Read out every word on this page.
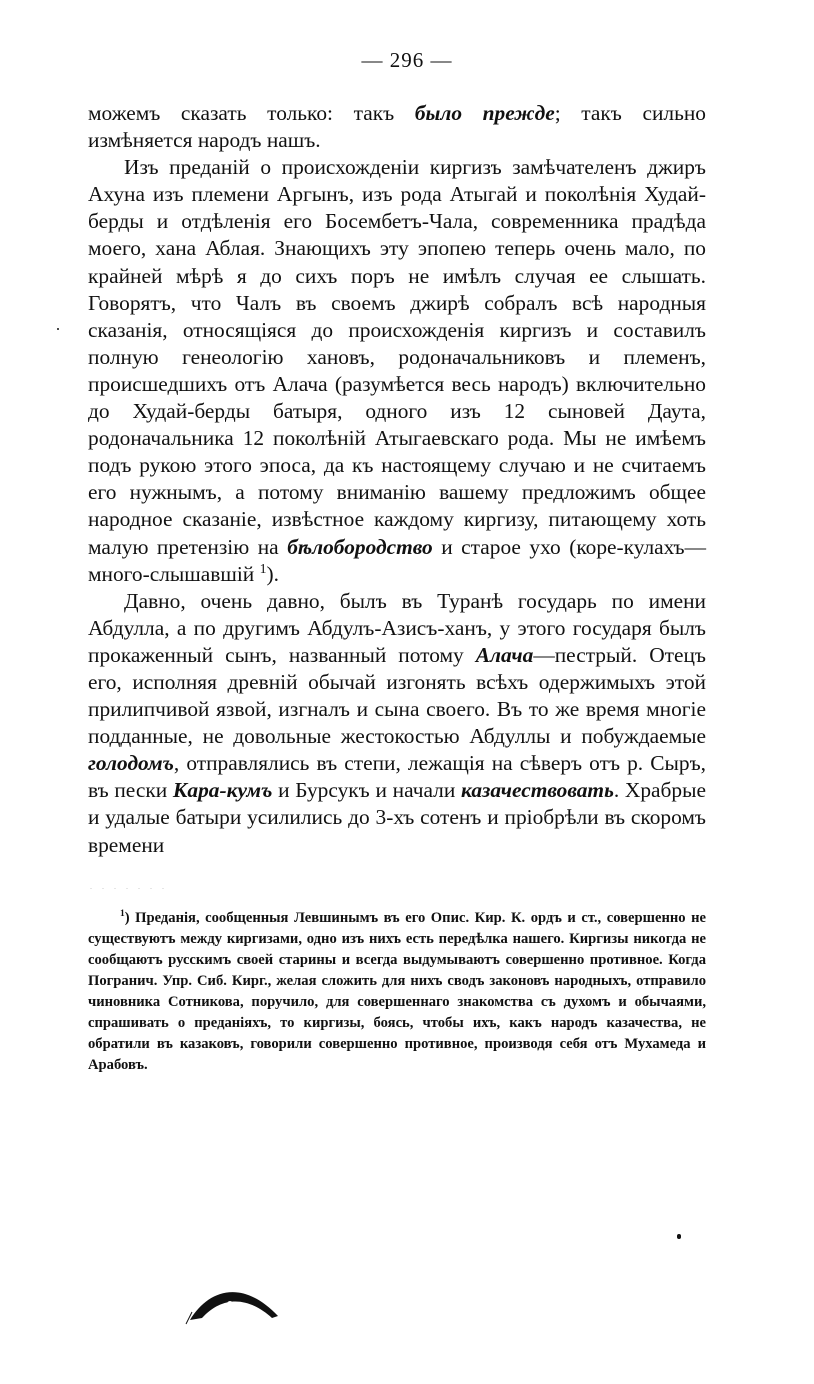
— 296 —

можемъ сказать только: такъ было прежде; такъ сильно измѣняется народъ нашъ.

Изъ преданій о происхожденіи киргизъ замѣчателенъ джиръ Ахуна изъ племени Аргынъ, изъ рода Атыгай и поколѣнія Худай-берды и отдѣленія его Босембетъ-Чала, современника прадѣда моего, хана Аблая. Знающихъ эту эпопею теперь очень мало, по крайней мѣрѣ я до сихъ поръ не имѣлъ случая ее слышать. Говорятъ, что Чалъ въ своемъ джирѣ собралъ всѣ народныя сказанія, относящіяся до происхожденія киргизъ и составилъ полную генеологію хановъ, родоначальниковъ и племенъ, происшедшихъ отъ Алача (разумѣется весь народъ) включительно до Худай-берды батыря, одного изъ 12 сыновей Даута, родоначальника 12 поколѣній Атыгаевскаго рода. Мы не имѣемъ подъ рукою этого эпоса, да къ настоящему случаю и не считаемъ его нужнымъ, а потому вниманію вашему предложимъ общее народное сказаніе, извѣстное каждому киргизу, питающему хоть малую претензію на бѣлобородство и старое ухо (коре-кулахъ—много-слышавшій $^1$).

Давно, очень давно, былъ въ Туранѣ государь по имени Абдулла, а по другимъ Абдулъ-Азисъ-ханъ, у этого государя былъ прокаженный сынъ, названный потому Алача—пестрый. Отецъ его, исполняя древній обычай изгонять всѣхъ одержимыхъ этой прилипчивой язвой, изгналъ и сына своего. Въ то же время многіе подданные, не довольные жестокостью Абдуллы и побуждаемые голодомъ, отправлялись въ степи, лежащія на сѣверъ отъ р. Сыръ, въ пески Кара-кумъ и Бурсукъ и начали казачествовать. Храбрые и удалые батыри усилились до 3-хъ сотенъ и пріобрѣли въ скоромъ времени

$^1$) Преданія, сообщенныя Левшинымъ въ его Опис. Кир. К. ордъ и ст., совершенно не существуютъ между киргизами, одно изъ нихъ есть передѣлка нашего. Киргизы никогда не сообщаютъ русскимъ своей старины и всегда выдумываютъ совершенно противное. Когда Погранич. Упр. Сиб. Кирг., желая сложить для нихъ сводъ законовъ народныхъ, отправило чиновника Сотникова, поручило, для совершеннаго знакомства съ духомъ и обычаями, спрашивать о преданіяхъ, то киргизы, боясь, чтобы ихъ, какъ народъ казачества, не обратили въ казаковъ, говорили совершенно противное, производя себя отъ Мухамеда и Арабовъ.
